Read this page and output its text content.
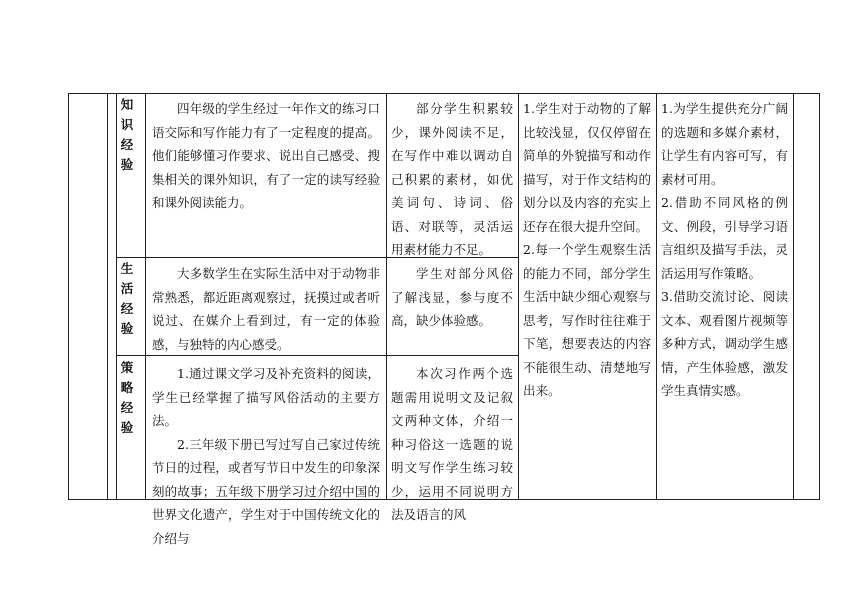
知识经验

四年级的学生经过一年作文的练习口语交际和写作能力有了一定程度的提高。他们能够懂习作要求、说出自己感受、搜集相关的课外知识，有了一定的读写经验和课外阅读能力。

部分学生积累较少，课外阅读不足，在写作中难以调动自己积累的素材，如优美词句、诗词、俗语、对联等，灵活运用素材能力不足。

生活经验

大多数学生在实际生活中对于动物非常熟悉，都近距离观察过，抚摸过或者听说过、在媒介上看到过，有一定的体验感，与独特的内心感受。

学生对部分风俗了解浅显，参与度不高，缺少体验感。

策略经验

1.通过课文学习及补充资料的阅读，学生已经掌握了描写风俗活动的主要方法。

2.三年级下册已写过写自己家过传统节日的过程，或者写节日中发生的印象深刻的故事；五年级下册学习过介绍中国的世界文化遗产，学生对于中国传统文化的介绍与

本次习作两个选题需用说明文及记叙文两种文体，介绍一种习俗这一选题的说明文写作学生练习较少，运用不同说明方法及语言的风

1.学生对于动物的了解比较浅显，仅仅停留在简单的外貌描写和动作描写，对于作文结构的划分以及内容的充实上还存在很大提升空间。

2.每一个学生观察生活的能力不同，部分学生生活中缺少细心观察与思考，写作时往往难于下笔，想要表达的内容不能很生动、清楚地写出来。

1.为学生提供充分广阔的选题和多媒介素材，让学生有内容可写，有素材可用。

2.借助不同风格的例文、例段，引导学习语言组织及描写手法，灵活运用写作策略。

3.借助交流讨论、阅读文本、观看图片视频等多种方式，调动学生感情，产生体验感，激发学生真情实感。
